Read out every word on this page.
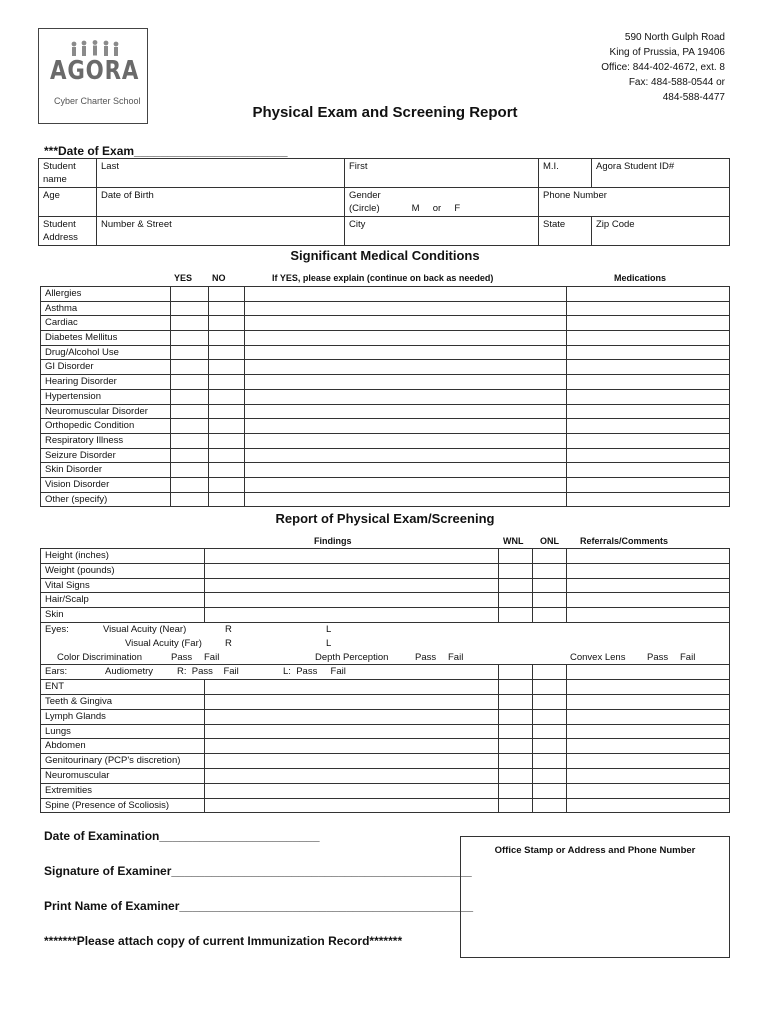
AGORA
Cyber Charter School
590 North Gulph Road
King of Prussia, PA 19406
Office: 844-402-4672, ext. 8
Fax: 484-588-0544 or
484-588-4477
Physical Exam and Screening Report
***Date of Exam_______________________
Student name	Last	First	M.I.	Agora Student ID#
Age	Date of Birth	Gender (Circle) M     or     F	Phone Number	
Student Address	Number & Street	City	State	Zip Code
Significant Medical Conditions
YES NO	If YES, please explain (continue on back as needed)	Medications
Allergies				
Asthma				
Cardiac				
Diabetes Mellitus				
Drug/Alcohol Use				
GI Disorder				
Hearing Disorder				
Hypertension				
Neuromuscular Disorder				
Orthopedic Condition				
Respiratory Illness				
Seizure Disorder				
Skin Disorder				
Vision Disorder				
Other (specify)				
Report of Physical Exam/Screening
Findings	WNL ONL Referrals/Comments
Height (inches)				
Weight (pounds)				
Vital Signs				
Hair/Scalp				
Skin				
Eyes: Visual Acuity (Near) R L				
Visual Acuity (Far) R L				
Color Discrimination Pass Fail Depth Perception Pass Fail Convex Lens Pass Fail				
Ears: Audiometry R:  Pass    Fail L:  Pass     Fail				
ENT				
Teeth & Gingiva				
Lymph Glands				
Lungs				
Abdomen				
Genitourinary (PCP's discretion)				
Neuromuscular				
Extremities				
Spine (Presence of Scoliosis)				
Date of Examination________________________
Signature of Examiner_____________________________________________
Print Name of Examiner____________________________________________
*******Please attach copy of current Immunization Record*******
Office Stamp or Address and Phone Number
